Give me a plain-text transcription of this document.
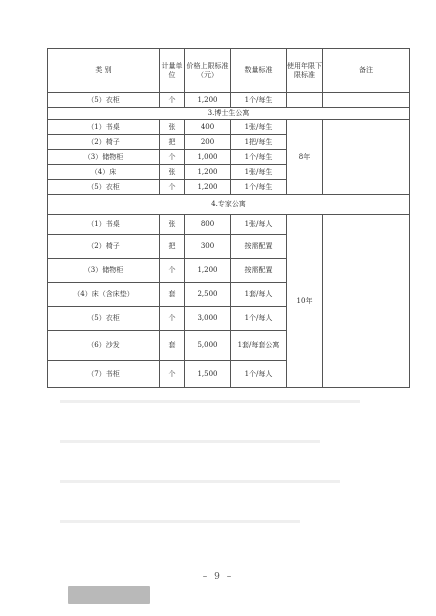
类 别	计量单位	价格上限标准（元）	数量标准	使用年限下限标准	备注
（5）衣柜	个	1,200	1个/每生		
3.博士生公寓					
（1）书桌	张	400	1张/每生	8年	
（2）椅子	把	200	1把/每生		
（3）储物柜	个	1,000	1个/每生		
（4）床	张	1,200	1张/每生		
（5）衣柜	个	1,200	1个/每生		
4.专家公寓					
（1）书桌	张	800	1张/每人	10年	
（2）椅子	把	300	按需配置		
（3）储物柜	个	1,200	按需配置		
（4）床（含床垫）	套	2,500	1套/每人		
（5）衣柜	个	3,000	1个/每人		
（6）沙发	套	5,000	1套/每套公寓		
（7）书柜	个	1,500	1个/每人		
– 9 –
